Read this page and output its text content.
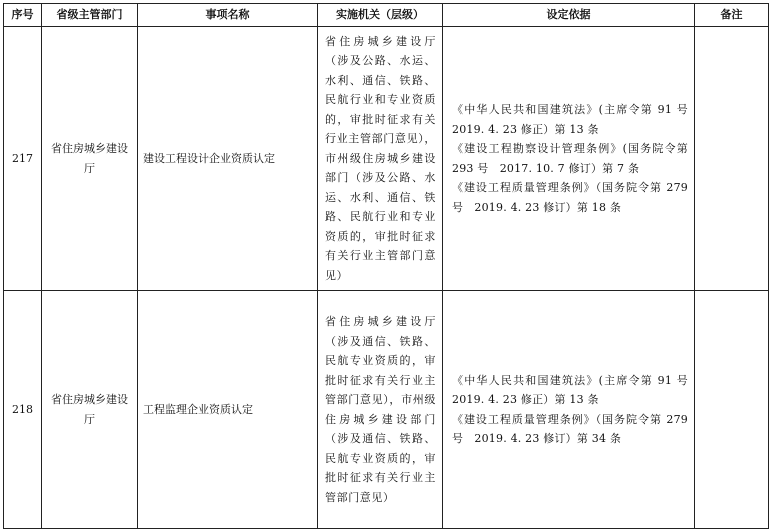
序号	省级主管部门	事项名称	实施机关（层级）	设定依据	备注
217	省住房城乡建设厅	建设工程设计企业资质认定	省住房城乡建设厅（涉及公路、水运、水利、通信、铁路、民航行业和专业资质的，审批时征求有关行业主管部门意见），市州级住房城乡建设部门（涉及公路、水运、水利、通信、铁路、民航行业和专业资质的，审批时征求有关行业主管部门意见）	《中华人民共和国建筑法》(主席令第 91 号 2019. 4. 23 修正）第 13 条
《建设工程勘察设计管理条例》(国务院令第 293 号　2017. 10. 7 修订）第 7 条
《建设工程质量管理条例》（国务院令第 279 号　2019. 4. 23 修订）第 18 条	

218	省住房城乡建设厅	工程监理企业资质认定	省住房城乡建设厅（涉及通信、铁路、民航专业资质的，审批时征求有关行业主管部门意见），市州级住房城乡建设部门（涉及通信、铁路、民航专业资质的，审批时征求有关行业主管部门意见）	《中华人民共和国建筑法》(主席令第 91 号 2019. 4. 23 修正）第 13 条
《建设工程质量管理条例》（国务院令第 279 号　2019. 4. 23 修订）第 34 条	
